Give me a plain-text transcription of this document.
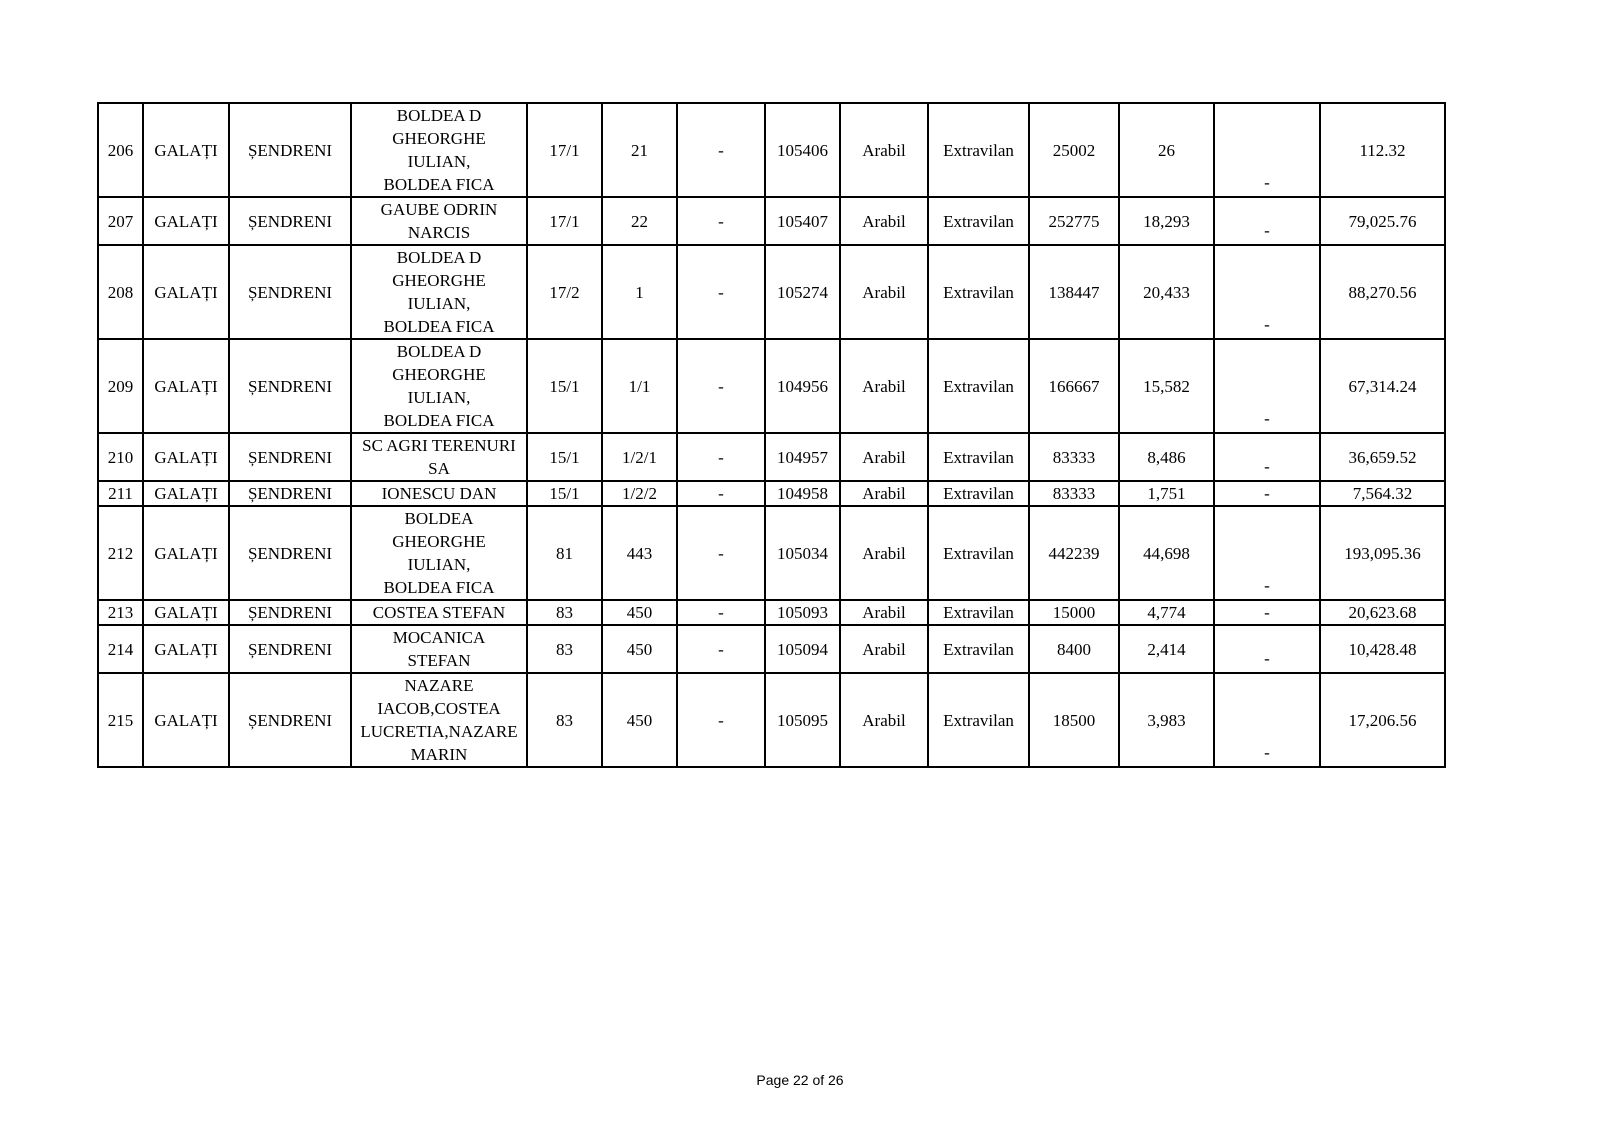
206	GALAȚI	ȘENDRENI	BOLDEA D
GHEORGHE
IULIAN,
BOLDEA FICA	17/1	21	-	105406	Arabil	Extravilan	25002	26	-	112.32
207	GALAȚI	ȘENDRENI	GAUBE ODRIN
NARCIS	17/1	22	-	105407	Arabil	Extravilan	252775	18,293	-	79,025.76
208	GALAȚI	ȘENDRENI	BOLDEA D
GHEORGHE
IULIAN,
BOLDEA FICA	17/2	1	-	105274	Arabil	Extravilan	138447	20,433	-	88,270.56
209	GALAȚI	ȘENDRENI	BOLDEA D
GHEORGHE
IULIAN,
BOLDEA FICA	15/1	1/1	-	104956	Arabil	Extravilan	166667	15,582	-	67,314.24
210	GALAȚI	ȘENDRENI	SC AGRI TERENURI
SA	15/1	1/2/1	-	104957	Arabil	Extravilan	83333	8,486	-	36,659.52
211	GALAȚI	ȘENDRENI	IONESCU DAN	15/1	1/2/2	-	104958	Arabil	Extravilan	83333	1,751	-	7,564.32
212	GALAȚI	ȘENDRENI	BOLDEA
GHEORGHE
IULIAN,
BOLDEA FICA	81	443	-	105034	Arabil	Extravilan	442239	44,698	-	193,095.36
213	GALAȚI	ȘENDRENI	COSTEA STEFAN	83	450	-	105093	Arabil	Extravilan	15000	4,774	-	20,623.68
214	GALAȚI	ȘENDRENI	MOCANICA
STEFAN	83	450	-	105094	Arabil	Extravilan	8400	2,414	-	10,428.48
215	GALAȚI	ȘENDRENI	NAZARE
IACOB,COSTEA
LUCRETIA,NAZARE
MARIN	83	450	-	105095	Arabil	Extravilan	18500	3,983	-	17,206.56
Page 22 of 26
